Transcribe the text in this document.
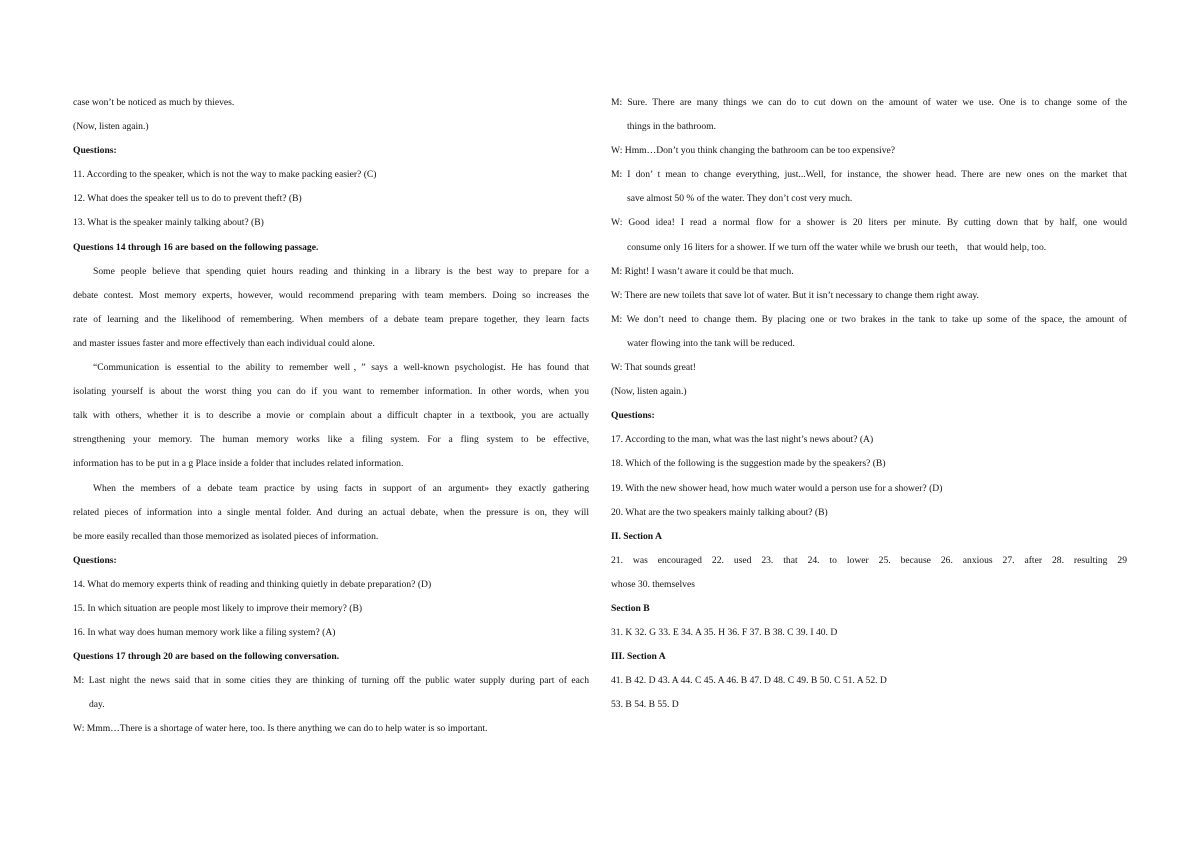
case won’t be noticed as much by thieves.
(Now, listen again.)
Questions:
11. According to the speaker, which is not the way to make packing easier? (C)
12. What does the speaker tell us to do to prevent theft? (B)
13. What is the speaker mainly talking about? (B)
Questions 14 through 16 are based on the following passage.
Some people believe that spending quiet hours reading and thinking in a library is the best way to prepare for a
debate contest. Most memory experts, however, would recommend preparing with team members. Doing so increases the
rate of learning and the likelihood of remembering. When members of a debate team prepare together, they learn facts
and master issues faster and more effectively than each individual could alone.
“Communication is essential to the ability to remember well，” says a well-known psychologist. He has found that
isolating yourself is about the worst thing you can do if you want to remember information. In other words, when you
talk with others, whether it is to describe a movie or complain about a difficult chapter in a textbook, you are actually
strengthening your memory. The human memory works like a filing system. For a fling system to be effective,
information has to be put in a g Place inside a folder that includes related information.
When the members of a debate team practice by using facts in support of an argument» they exactly gathering
related pieces of information into a single mental folder. And during an actual debate, when the pressure is on, they will
be more easily recalled than those memorized as isolated pieces of information.
Questions:
14. What do memory experts think of reading and thinking quietly in debate preparation? (D)
15. In which situation are people most likely to improve their memory? (B)
16. In what way does human memory work like a filing system? (A)
Questions 17 through 20 are based on the following conversation.
M: Last night the news said that in some cities they are thinking of turning off the public water supply during part of each
day.
W: Mmm…There is a shortage of water here, too. Is there anything we can do to help water is so important.
M: Sure. There are many things we can do to cut down on the amount of water we use. One is to change some of the
things in the bathroom.
W: Hmm…Don’t you think changing the bathroom can be too expensive?
M: I don’ t mean to change everything, just...Well, for instance, the shower head. There are new ones on the market that
save almost 50 % of the water. They don’t cost very much.
W: Good idea! I read a normal flow for a shower is 20 liters per minute. By cutting down that by half, one would
consume only 16 liters for a shower. If we turn off the water while we brush our teeth， that would help, too.
M: Right! I wasn’t aware it could be that much.
W: There are new toilets that save lot of water. But it isn’t necessary to change them right away.
M: We don’t need to change them. By placing one or two brakes in the tank to take up some of the space, the amount of
water flowing into the tank will be reduced.
W: That sounds great!
(Now, listen again.)
Questions:
17. According to the man, what was the last night’s news about? (A)
18. Which of the following is the suggestion made by the speakers? (B)
19. With the new shower head, how much water would a person use for a shower? (D)
20. What are the two speakers mainly talking about? (B)
II. Section A
21. was encouraged 22. used 23. that 24. to lower 25. because 26. anxious 27. after 28. resulting 29
whose 30. themselves
Section B
31. K 32. G 33. E 34. A 35. H 36. F 37. B 38. C 39. I 40. D
III. Section A
41. B 42. D 43. A 44. C 45. A 46. B 47. D 48. C 49. B 50. C 51. A 52. D
53. B 54. B 55. D
